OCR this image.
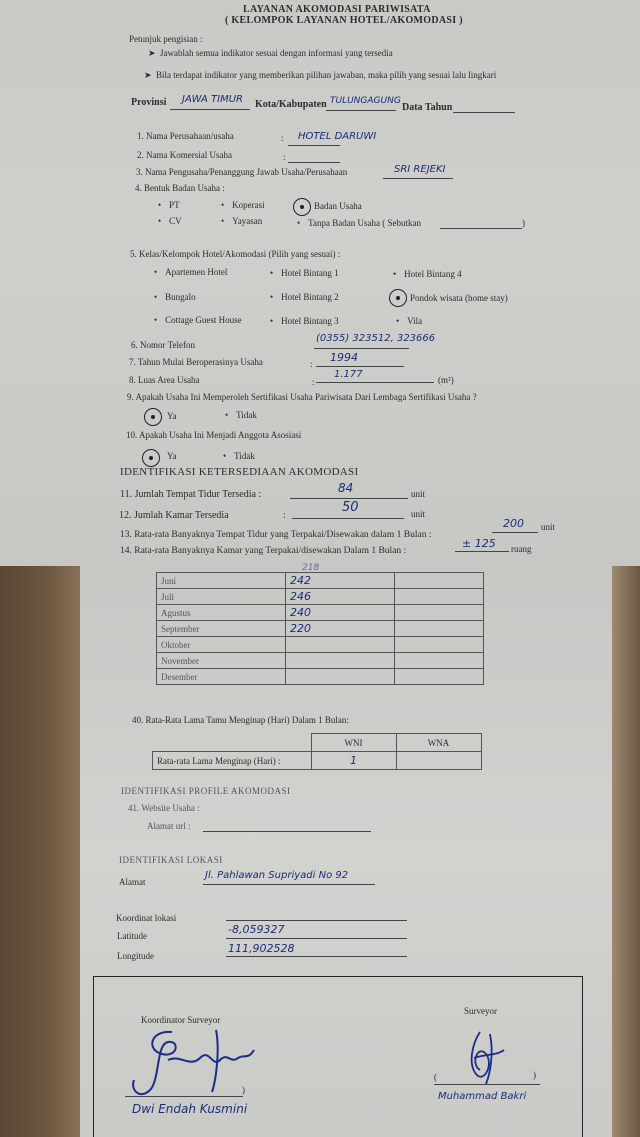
LAYANAN AKOMODASI PARIWISATA
( KELOMPOK LAYANAN HOTEL/AKOMODASI )
Petunjuk pengisian :
➤  Jawablah semua indikator sesuai dengan informasi yang tersedia
➤  Bila terdapat indikator yang memberikan pilihan jawaban, maka pilih yang sesuai lalu lingkari
Provinsi JAWA TIMUR Kota/Kabupaten TULUNGAGUNG
Data Tahun
1. Nama Perusahaan/usaha	: HOTEL DARUWI
2. Nama Komersial Usaha	:
3. Nama Pengusaha/Penanggung Jawab Usaha/Perusahaan	SRI REJEKI
4. Bentuk Badan Usaha :
• PT	• Koperasi	Badan Usaha
• CV	• Yayasan	• Tanpa Badan Usaha ( Sebutkan	)
5. Kelas/Kelompok Hotel/Akomodasi (Pilih yang sesuai) :
• Apartemen Hotel	• Hotel Bintang 1	• Hotel Bintang 4
• Bungalo	• Hotel Bintang 2	Pondok wisata (home stay)
• Cottage Guest House	• Hotel Bintang 3	• Vila
6. Nomor Telefon
(0355) 323512, 323666
7. Tahun Mulai Beroperasinya Usaha	: 1994
8. Luas Area Usaha	:
1.177	(m²)
9. Apakah Usaha Ini Memperoleh Sertifikasi Usaha Pariwisata Dari Lembaga Sertifikasi Usaha ?
Ya	• Tidak
10. Apakah Usaha Ini Menjadi Anggota Asosiasi
Ya	• Tidak
IDENTIFIKASI KETERSEDIAAN AKOMODASI
11. Jumlah Tempat Tidur Tersedia :	84	unit
12. Jumlah Kamar Tersedia	:
50	unit
13. Rata-rata Banyaknya Tempat Tidur yang Terpakai/Disewakan dalam 1 Bulan :
200 unit
14. Rata-rata Banyaknya Kamar yang Terpakai/disewakan Dalam 1 Bulan :
± 125 ruang
218
Juni	242	
Juli	246	
Agustus	240	
September	220	
Oktober		
November		
Desember		
40. Rata-Rata Lama Tamu Menginap (Hari) Dalam 1 Bulan:
	WNI	WNA
Rata-rata Lama Menginap (Hari) :	1	
IDENTIFIKASI PROFILE AKOMODASI
41. Website Usaha :
Alamat url :
IDENTIFIKASI LOKASI
Alamat
Jl. Pahlawan Supriyadi No 92
Koordinat lokasi
Latitude	-8,059327
Longitude
111,902528
Koordinator Surveyor
Surveyor
)
Dwi Endah Kusmini
(	)
Muhammad Bakri
